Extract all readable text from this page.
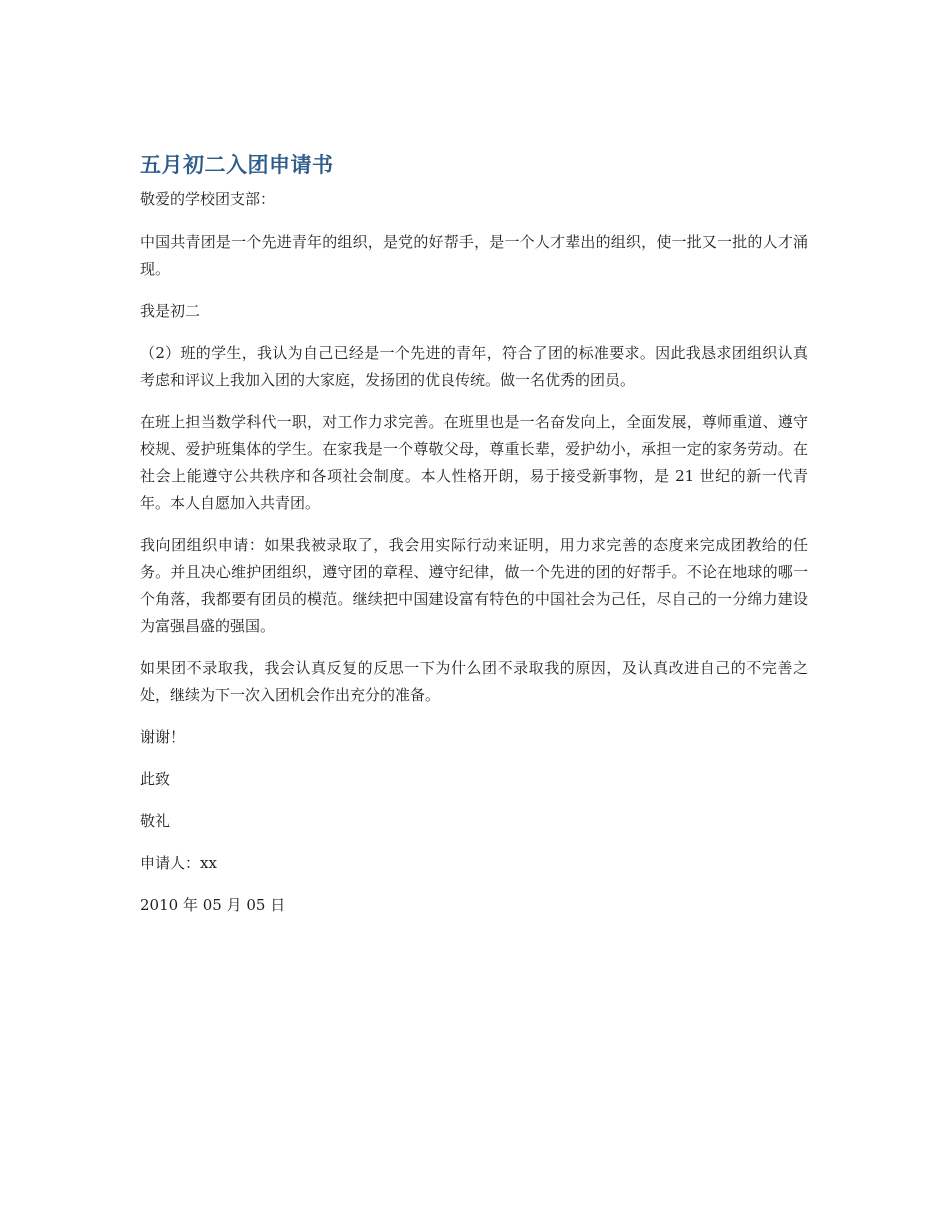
五月初二入团申请书

敬爱的学校团支部：

中国共青团是一个先进青年的组织，是党的好帮手，是一个人才辈出的组织，使一批又一批的人才涌现。

我是初二

（2）班的学生，我认为自己已经是一个先进的青年，符合了团的标准要求。因此我恳求团组织认真考虑和评议上我加入团的大家庭，发扬团的优良传统。做一名优秀的团员。

在班上担当数学科代一职，对工作力求完善。在班里也是一名奋发向上，全面发展，尊师重道、遵守校规、爱护班集体的学生。在家我是一个尊敬父母，尊重长辈，爱护幼小，承担一定的家务劳动。在社会上能遵守公共秩序和各项社会制度。本人性格开朗，易于接受新事物，是 21 世纪的新一代青年。本人自愿加入共青团。

我向团组织申请：如果我被录取了，我会用实际行动来证明，用力求完善的态度来完成团教给的任务。并且决心维护团组织，遵守团的章程、遵守纪律，做一个先进的团的好帮手。不论在地球的哪一个角落，我都要有团员的模范。继续把中国建设富有特色的中国社会为己任，尽自己的一分绵力建设为富强昌盛的强国。

如果团不录取我，我会认真反复的反思一下为什么团不录取我的原因，及认真改进自己的不完善之处，继续为下一次入团机会作出充分的准备。

谢谢！

此致

敬礼

申请人：xx

2010 年 05 月 05 日
